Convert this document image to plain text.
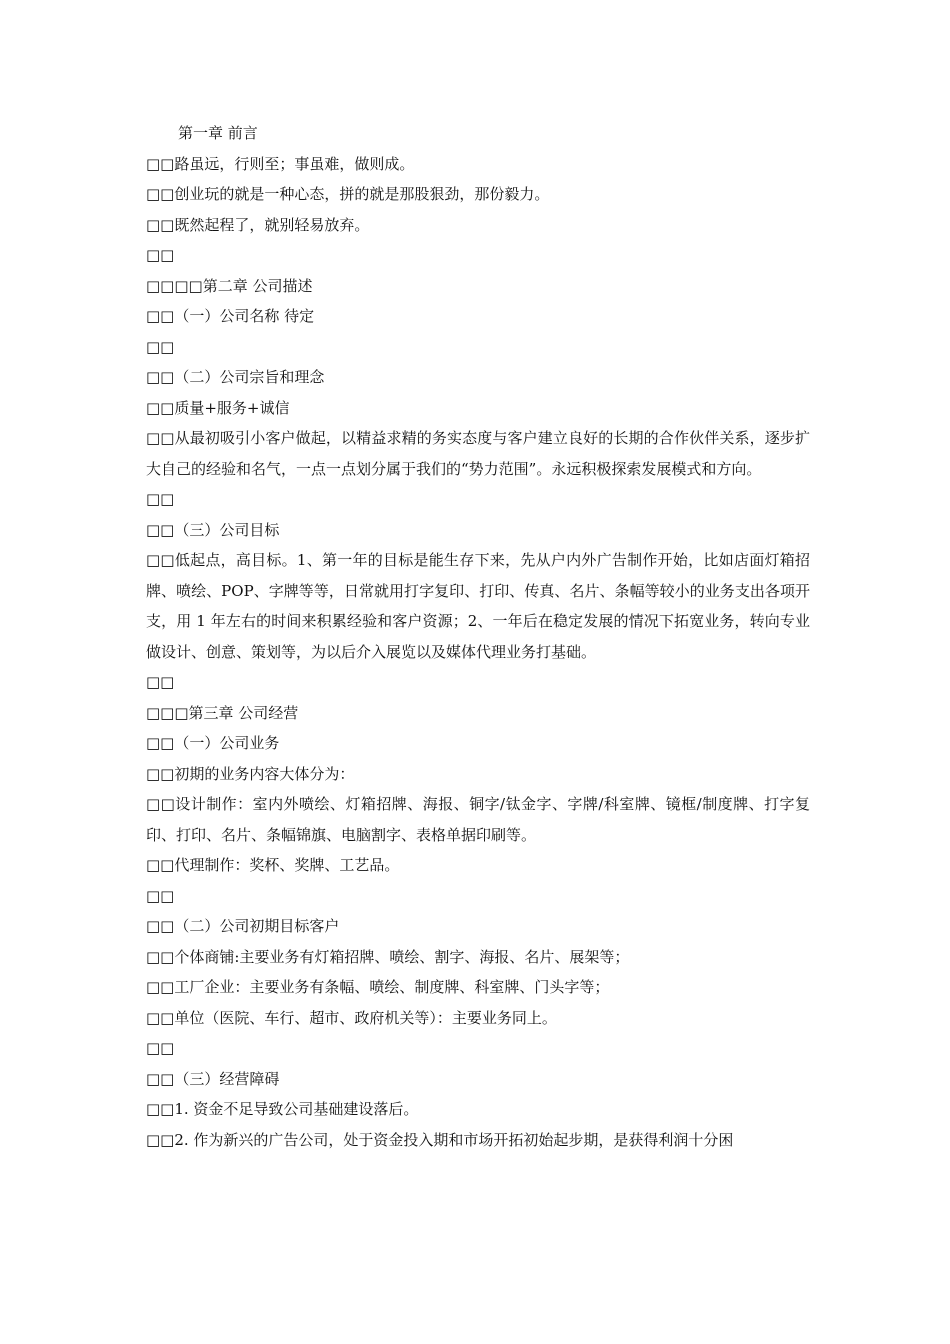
第一章 前言
□□路虽远，行则至；事虽难，做则成。
□□创业玩的就是一种心态，拼的就是那股狠劲，那份毅力。
□□既然起程了，就别轻易放弃。
□□
□□□□第二章 公司描述
□□（一）公司名称 待定
□□
□□（二）公司宗旨和理念
□□质量+服务+诚信
□□从最初吸引小客户做起，以精益求精的务实态度与客户建立良好的长期的合作伙伴关系，逐步扩大自己的经验和名气，一点一点划分属于我们的“势力范围”。永远积极探索发展模式和方向。
□□
□□（三）公司目标
□□低起点，高目标。1、第一年的目标是能生存下来，先从户内外广告制作开始，比如店面灯箱招牌、喷绘、POP、字牌等等，日常就用打字复印、打印、传真、名片、条幅等较小的业务支出各项开支，用 1 年左右的时间来积累经验和客户资源；2、一年后在稳定发展的情况下拓宽业务，转向专业做设计、创意、策划等，为以后介入展览以及媒体代理业务打基础。
□□
□□□第三章 公司经营
□□（一）公司业务
□□初期的业务内容大体分为：
□□设计制作：室内外喷绘、灯箱招牌、海报、铜字/钛金字、字牌/科室牌、镜框/制度牌、打字复印、打印、名片、条幅锦旗、电脑割字、表格单据印刷等。
□□代理制作：奖杯、奖牌、工艺品。
□□
□□（二）公司初期目标客户
□□个体商铺:主要业务有灯箱招牌、喷绘、割字、海报、名片、展架等；
□□工厂企业：主要业务有条幅、喷绘、制度牌、科室牌、门头字等；
□□单位（医院、车行、超市、政府机关等）：主要业务同上。
□□
□□（三）经营障碍
□□1. 资金不足导致公司基础建设落后。
□□2. 作为新兴的广告公司，处于资金投入期和市场开拓初始起步期，是获得利润十分困
